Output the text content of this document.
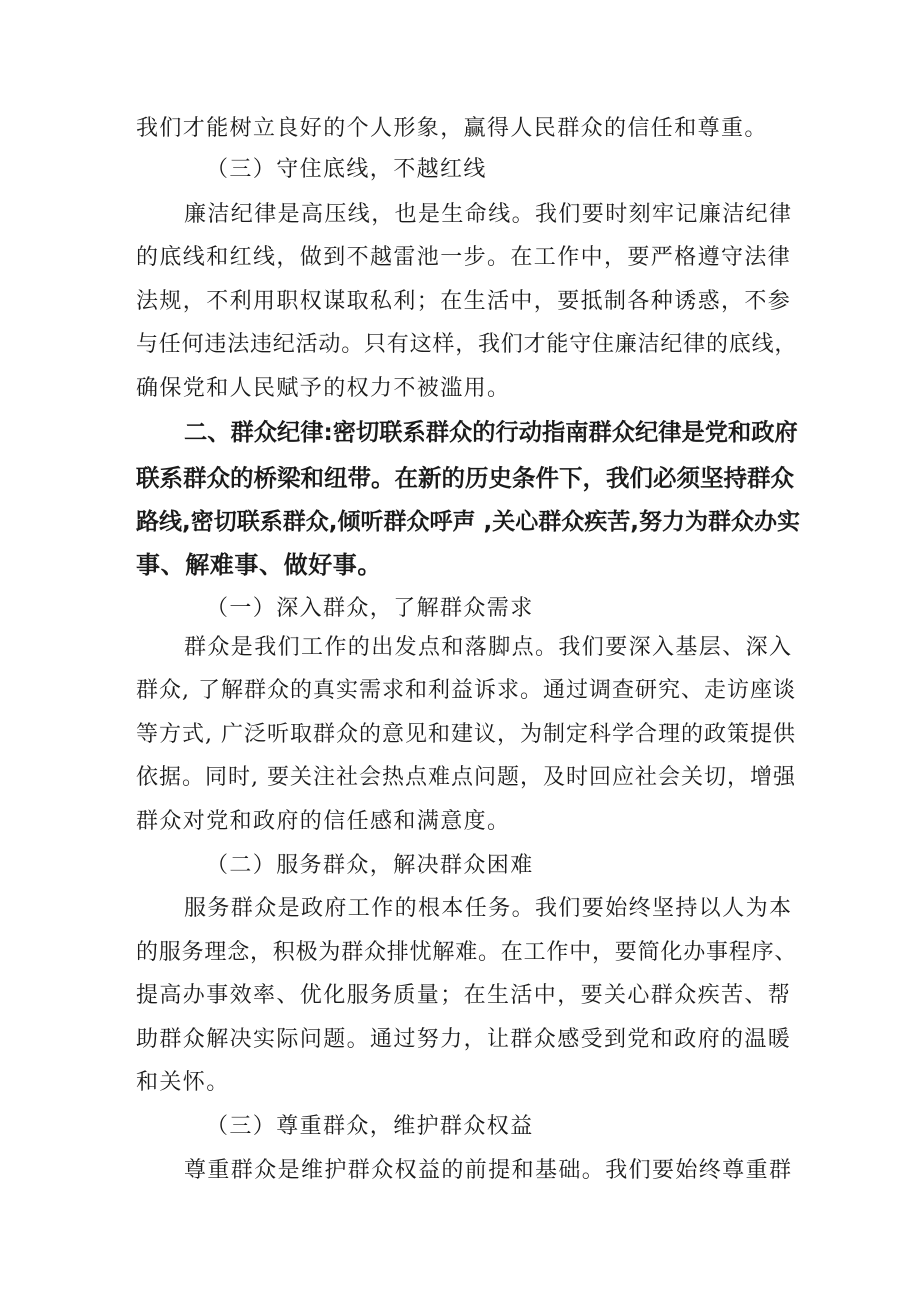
我们才能树立良好的个人形象，赢得人民群众的信任和尊重。
（三）守住底线，不越红线
廉洁纪律是高压线，也是生命线。我们要时刻牢记廉洁纪律
的底线和红线，做到不越雷池一步。在工作中，要严格遵守法律
法规，不利用职权谋取私利；在生活中，要抵制各种诱惑，不参
与任何违法违纪活动。只有这样，我们才能守住廉洁纪律的底线，
确保党和人民赋予的权力不被滥用。
二、群众纪律:密切联系群众的行动指南群众纪律是党和政府
联系群众的桥梁和纽带。在新的历史条件下，我们必须坚持群众
路线,密切联系群众,倾听群众呼声 ,关心群众疾苦,努力为群众办实
事、解难事、做好事。
（一）深入群众，了解群众需求
群众是我们工作的出发点和落脚点。我们要深入基层、深入
群众, 了解群众的真实需求和利益诉求。通过调查研究、走访座谈
等方式, 广泛听取群众的意见和建议，为制定科学合理的政策提供
依据。同时, 要关注社会热点难点问题，及时回应社会关切，增强
群众对党和政府的信任感和满意度。
（二）服务群众，解决群众困难
服务群众是政府工作的根本任务。我们要始终坚持以人为本
的服务理念，积极为群众排忧解难。在工作中，要简化办事程序、
提高办事效率、优化服务质量；在生活中，要关心群众疾苦、帮
助群众解决实际问题。通过努力，让群众感受到党和政府的温暖
和关怀。
（三）尊重群众，维护群众权益
尊重群众是维护群众权益的前提和基础。我们要始终尊重群
